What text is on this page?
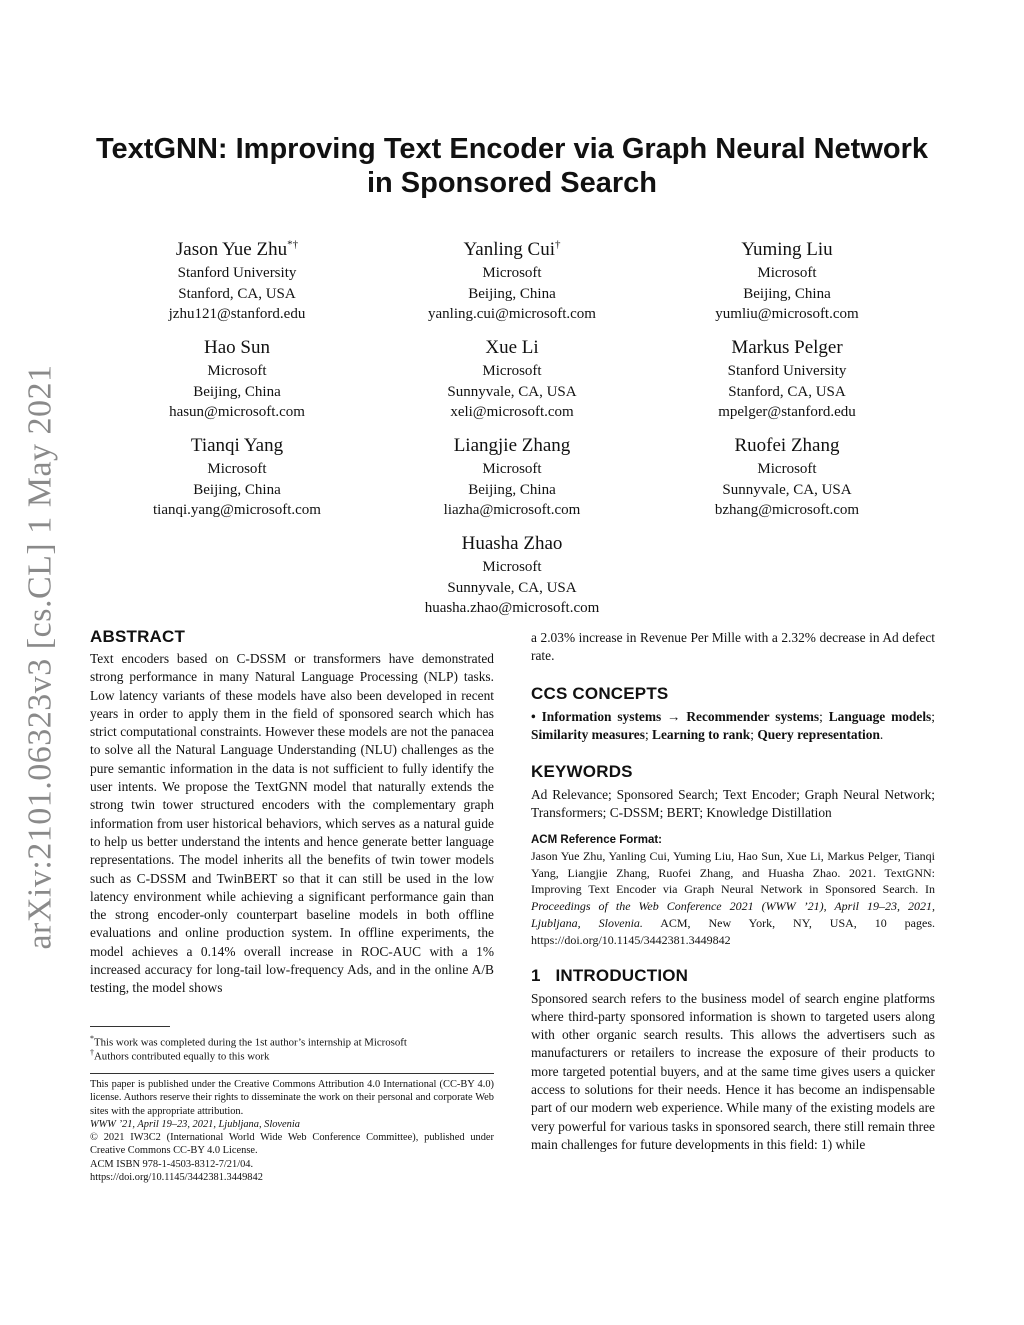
arXiv:2101.06323v3 [cs.CL] 1 May 2021
TextGNN: Improving Text Encoder via Graph Neural Network in Sponsored Search
Jason Yue Zhu*†
Stanford University
Stanford, CA, USA
jzhu121@stanford.edu
Yanling Cui†
Microsoft
Beijing, China
yanling.cui@microsoft.com
Yuming Liu
Microsoft
Beijing, China
yumliu@microsoft.com
Hao Sun
Microsoft
Beijing, China
hasun@microsoft.com
Xue Li
Microsoft
Sunnyvale, CA, USA
xeli@microsoft.com
Markus Pelger
Stanford University
Stanford, CA, USA
mpelger@stanford.edu
Tianqi Yang
Microsoft
Beijing, China
tianqi.yang@microsoft.com
Liangjie Zhang
Microsoft
Beijing, China
liazha@microsoft.com
Ruofei Zhang
Microsoft
Sunnyvale, CA, USA
bzhang@microsoft.com
Huasha Zhao
Microsoft
Sunnyvale, CA, USA
huasha.zhao@microsoft.com
ABSTRACT

Text encoders based on C-DSSM or transformers have demonstrated strong performance in many Natural Language Processing (NLP) tasks. Low latency variants of these models have also been developed in recent years in order to apply them in the field of sponsored search which has strict computational constraints. However these models are not the panacea to solve all the Natural Language Understanding (NLU) challenges as the pure semantic information in the data is not sufficient to fully identify the user intents. We propose the TextGNN model that naturally extends the strong twin tower structured encoders with the complementary graph information from user historical behaviors, which serves as a natural guide to help us better understand the intents and hence generate better language representations. The model inherits all the benefits of twin tower models such as C-DSSM and TwinBERT so that it can still be used in the low latency environment while achieving a significant performance gain than the strong encoder-only counterpart baseline models in both offline evaluations and online production system. In offline experiments, the model achieves a 0.14% overall increase in ROC-AUC with a 1% increased accuracy for long-tail low-frequency Ads, and in the online A/B testing, the model shows

*This work was completed during the 1st author’s internship at Microsoft
†Authors contributed equally to this work
This paper is published under the Creative Commons Attribution 4.0 International (CC-BY 4.0) license. Authors reserve their rights to disseminate the work on their personal and corporate Web sites with the appropriate attribution.
WWW ’21, April 19–23, 2021, Ljubljana, Slovenia
© 2021 IW3C2 (International World Wide Web Conference Committee), published under Creative Commons CC-BY 4.0 License.
ACM ISBN 978-1-4503-8312-7/21/04.
https://doi.org/10.1145/3442381.3449842

a 2.03% increase in Revenue Per Mille with a 2.32% decrease in Ad defect rate.

CCS CONCEPTS

• Information systems → Recommender systems; Language models; Similarity measures; Learning to rank; Query representation.

KEYWORDS

Ad Relevance; Sponsored Search; Text Encoder; Graph Neural Network; Transformers; C-DSSM; BERT; Knowledge Distillation

ACM Reference Format:

Jason Yue Zhu, Yanling Cui, Yuming Liu, Hao Sun, Xue Li, Markus Pelger, Tianqi Yang, Liangjie Zhang, Ruofei Zhang, and Huasha Zhao. 2021. TextGNN: Improving Text Encoder via Graph Neural Network in Sponsored Search. In Proceedings of the Web Conference 2021 (WWW ’21), April 19–23, 2021, Ljubljana, Slovenia. ACM, New York, NY, USA, 10 pages. https://doi.org/10.1145/3442381.3449842

1 INTRODUCTION

Sponsored search refers to the business model of search engine platforms where third-party sponsored information is shown to targeted users along with other organic search results. This allows the advertisers such as manufacturers or retailers to increase the exposure of their products to more targeted potential buyers, and at the same time gives users a quicker access to solutions for their needs. Hence it has become an indispensable part of our modern web experience. While many of the existing models are very powerful for various tasks in sponsored search, there still remain three main challenges for future developments in this field: 1) while
